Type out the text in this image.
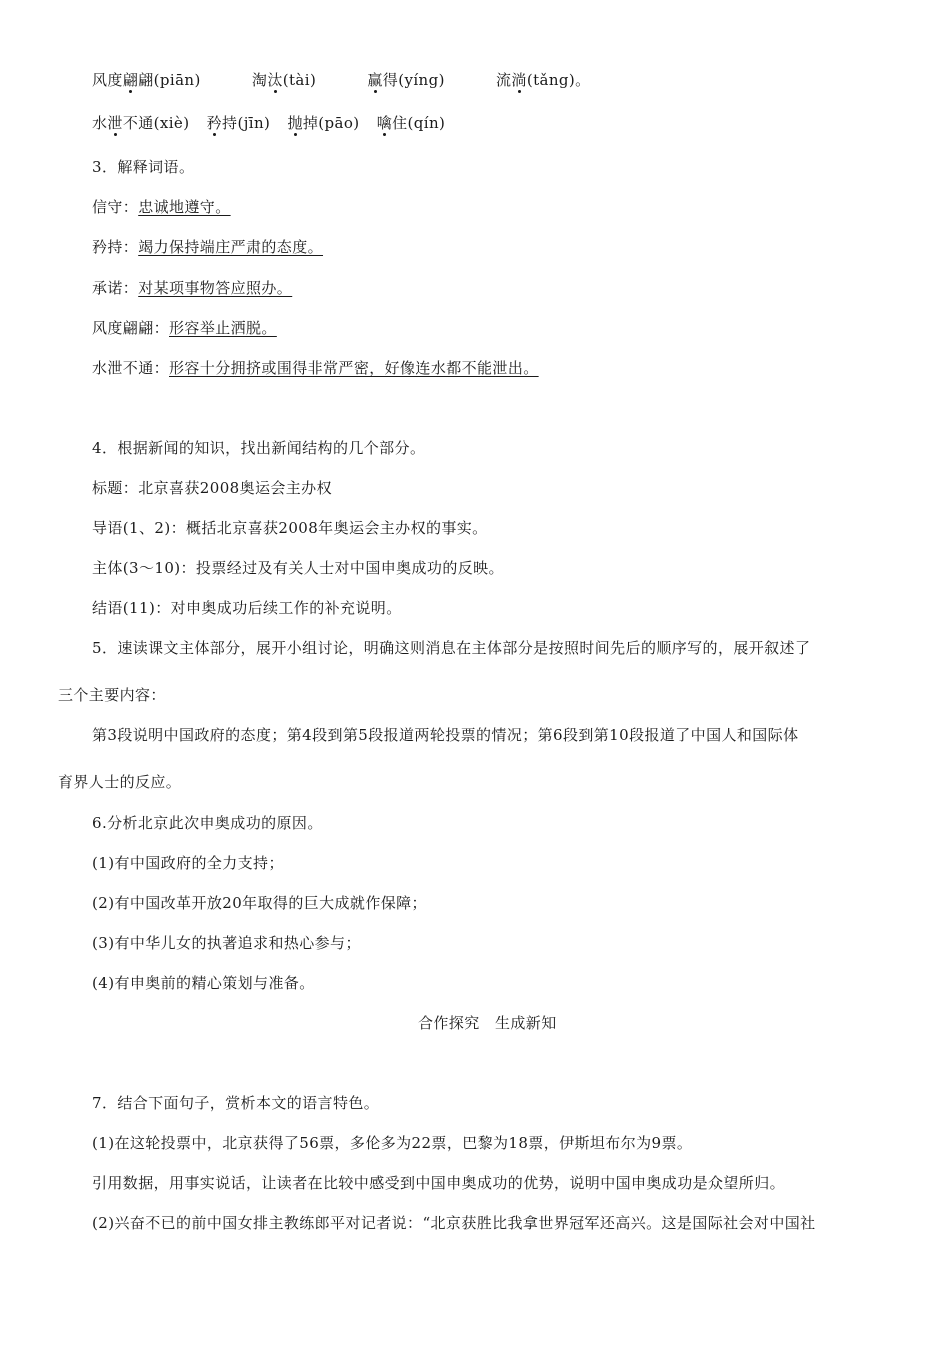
风度翩翩(piān)	淘汰(tài)	赢得(yíng)	流淌(tǎng)。
水泄不通(xiè) 矜持(jīn) 抛掉(pāo) 噙住(qín)
3．解释词语。
信守：忠诚地遵守。
矜持：竭力保持端庄严肃的态度。
承诺：对某项事物答应照办。
风度翩翩：形容举止洒脱。
水泄不通：形容十分拥挤或围得非常严密，好像连水都不能泄出。
4．根据新闻的知识，找出新闻结构的几个部分。
标题：北京喜获2008奥运会主办权
导语(1、2)：概括北京喜获2008年奥运会主办权的事实。
主体(3～10)：投票经过及有关人士对中国申奥成功的反映。
结语(11)：对申奥成功后续工作的补充说明。
5．速读课文主体部分，展开小组讨论，明确这则消息在主体部分是按照时间先后的顺序写的，展开叙述了
三个主要内容：
第3段说明中国政府的态度；第4段到第5段报道两轮投票的情况；第6段到第10段报道了中国人和国际体
育界人士的反应。
6.分析北京此次申奥成功的原因。
(1)有中国政府的全力支持；
(2)有中国改革开放20年取得的巨大成就作保障；
(3)有中华儿女的执著追求和热心参与；
(4)有申奥前的精心策划与准备。
合作探究　生成新知
7．结合下面句子，赏析本文的语言特色。
(1)在这轮投票中，北京获得了56票，多伦多为22票，巴黎为18票，伊斯坦布尔为9票。
引用数据，用事实说话，让读者在比较中感受到中国申奥成功的优势，说明中国申奥成功是众望所归。
(2)兴奋不已的前中国女排主教练郎平对记者说：“北京获胜比我拿世界冠军还高兴。这是国际社会对中国社
